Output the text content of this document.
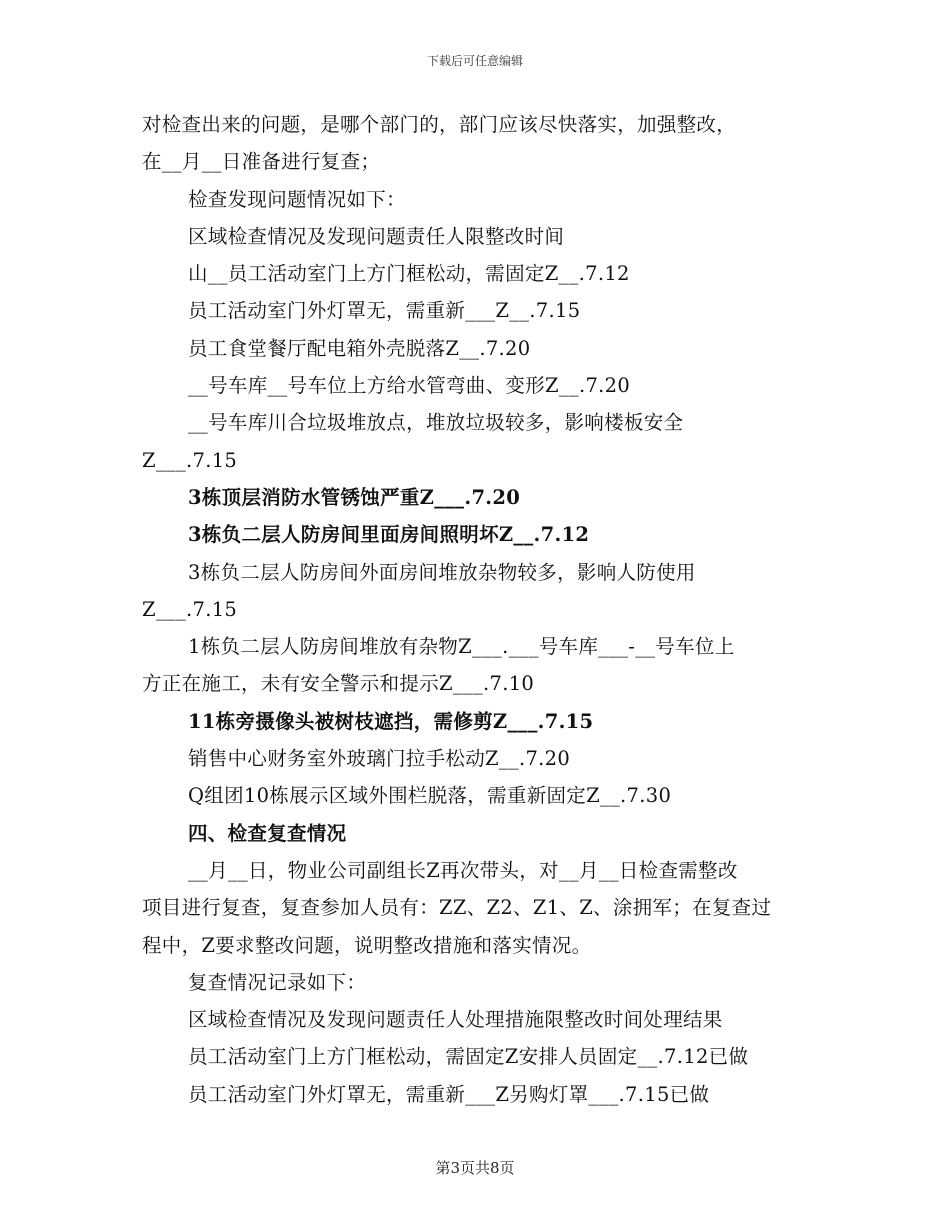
下载后可任意编辑
对检查出来的问题，是哪个部门的，部门应该尽快落实，加强整改，
在__月__日准备进行复查；
检查发现问题情况如下：
区域检查情况及发现问题责任人限整改时间
山__员工活动室门上方门框松动，需固定Z__.7.12
员工活动室门外灯罩无，需重新___Z__.7.15
员工食堂餐厅配电箱外壳脱落Z__.7.20
__号车库__号车位上方给水管弯曲、变形Z__.7.20
__号车库川合垃圾堆放点，堆放垃圾较多，影响楼板安全
Z___.7.15
3栋顶层消防水管锈蚀严重Z___.7.20
3栋负二层人防房间里面房间照明坏Z__.7.12
3栋负二层人防房间外面房间堆放杂物较多，影响人防使用
Z___.7.15
1栋负二层人防房间堆放有杂物Z___.___号车库___-__号车位上
方正在施工，未有安全警示和提示Z___.7.10
11栋旁摄像头被树枝遮挡，需修剪Z___.7.15
销售中心财务室外玻璃门拉手松动Z__.7.20
Q组团10栋展示区域外围栏脱落，需重新固定Z__.7.30
四、检查复查情况
__月__日，物业公司副组长Z再次带头，对__月__日检查需整改
项目进行复查，复查参加人员有：ZZ、Z2、Z1、Z、涂拥军；在复查过
程中，Z要求整改问题，说明整改措施和落实情况。
复查情况记录如下：
区域检查情况及发现问题责任人处理措施限整改时间处理结果
员工活动室门上方门框松动，需固定Z安排人员固定__.7.12已做
员工活动室门外灯罩无，需重新___Z另购灯罩___.7.15已做
第3页共8页
